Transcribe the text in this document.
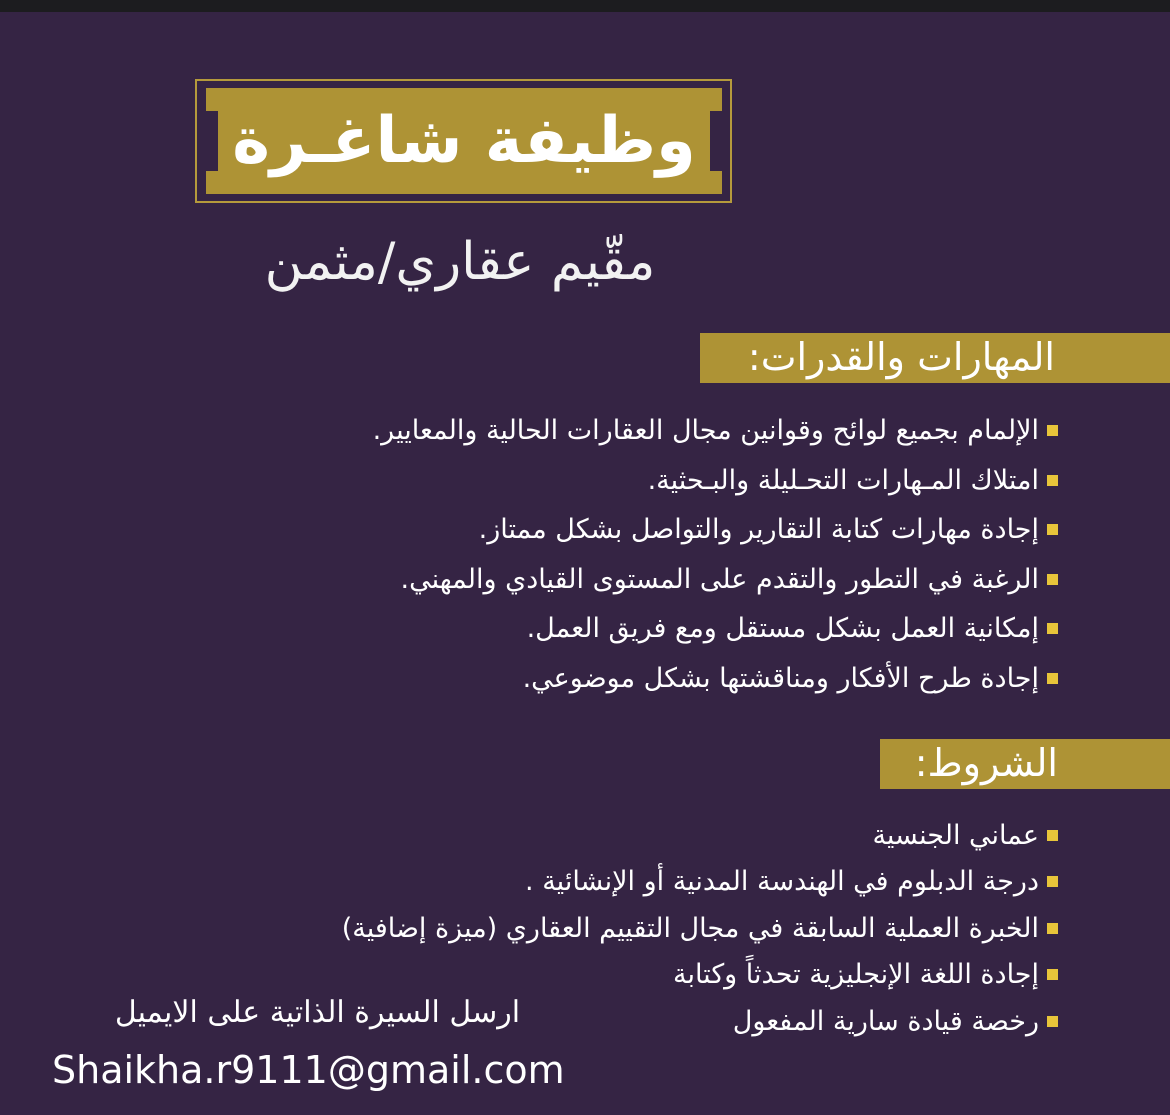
وظيفة شاغـرة
مقّيم عقاري/مثمن
المهارات والقدرات:
الإلمام بجميع لوائح وقوانين مجال العقارات الحالية والمعايير.
امتلاك المـهارات التحـليلة والبـحثية.
إجادة مهارات كتابة التقارير والتواصل بشكل ممتاز.
الرغبة في التطور والتقدم على المستوى القيادي والمهني.
إمكانية العمل بشكل مستقل ومع فريق العمل.
إجادة طرح الأفكار ومناقشتها بشكل موضوعي.
الشروط:
عماني الجنسية
درجة الدبلوم في الهندسة المدنية أو الإنشائية .
الخبرة العملية السابقة في مجال التقييم العقاري (ميزة إضافية)
إجادة اللغة الإنجليزية تحدثاً وكتابة
رخصة قيادة سارية المفعول
ارسل السيرة الذاتية على الايميل
Shaikha.r9111@gmail.com
